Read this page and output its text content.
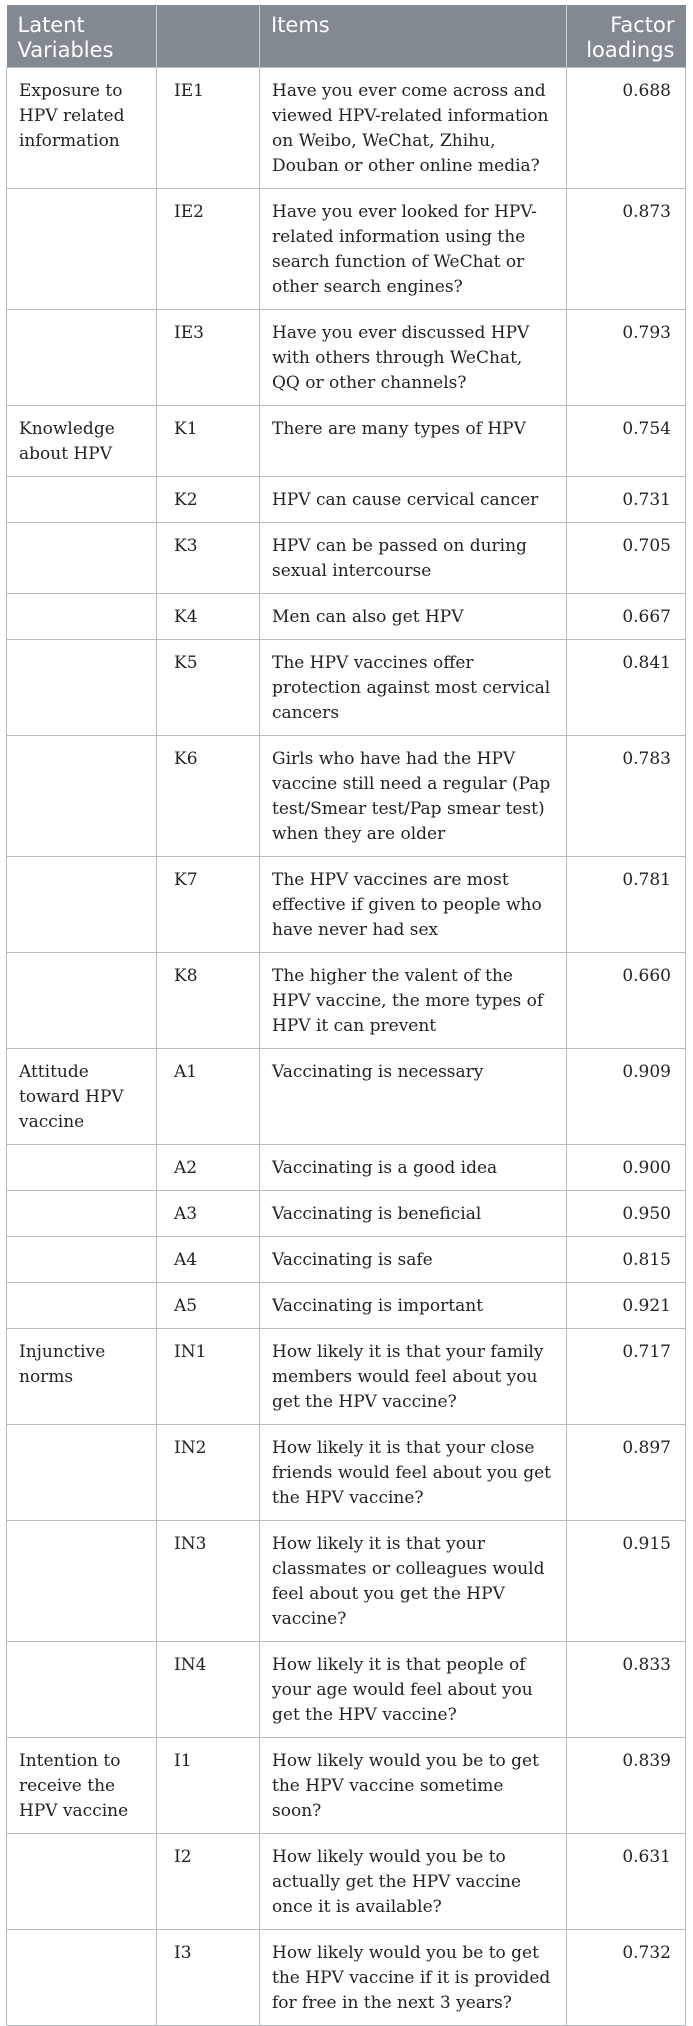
Latent Variables		Items	Factor loadings
Exposure to HPV related information	IE1	Have you ever come across and viewed HPV-related information on Weibo, WeChat, Zhihu, Douban or other online media?	0.688
	IE2	Have you ever looked for HPV-related information using the search function of WeChat or other search engines?	0.873
	IE3	Have you ever discussed HPV with others through WeChat, QQ or other channels?	0.793
Knowledge about HPV	K1	There are many types of HPV	0.754
	K2	HPV can cause cervical cancer	0.731
	K3	HPV can be passed on during sexual intercourse	0.705
	K4	Men can also get HPV	0.667
	K5	The HPV vaccines offer protection against most cervical cancers	0.841
	K6	Girls who have had the HPV vaccine still need a regular (Pap test/Smear test/Pap smear test) when they are older	0.783
	K7	The HPV vaccines are most effective if given to people who have never had sex	0.781
	K8	The higher the valent of the HPV vaccine, the more types of HPV it can prevent	0.660
Attitude toward HPV vaccine	A1	Vaccinating is necessary	0.909
	A2	Vaccinating is a good idea	0.900
	A3	Vaccinating is beneficial	0.950
	A4	Vaccinating is safe	0.815
	A5	Vaccinating is important	0.921
Injunctive norms	IN1	How likely it is that your family members would feel about you get the HPV vaccine?	0.717
	IN2	How likely it is that your close friends would feel about you get the HPV vaccine?	0.897
	IN3	How likely it is that your classmates or colleagues would feel about you get the HPV vaccine?	0.915
	IN4	How likely it is that people of your age would feel about you get the HPV vaccine?	0.833
Intention to receive the HPV vaccine	I1	How likely would you be to get the HPV vaccine sometime soon?	0.839
	I2	How likely would you be to actually get the HPV vaccine once it is available?	0.631
	I3	How likely would you be to get the HPV vaccine if it is provided for free in the next 3 years?	0.732
